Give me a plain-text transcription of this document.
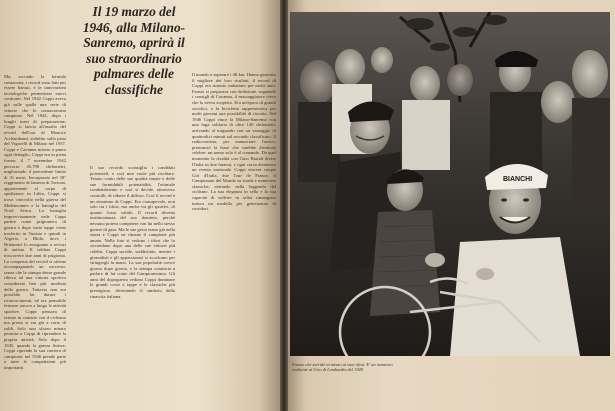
Il 19 marzo del 1946, alla Milano-Sanremo, aprirà il suo straordinario palmares delle classifiche
Ma, secondo la formula consacrata, i record sono fatti per essere battuti, e le innovazioni tecnologiche permettono nuovi confronti. Nel 1942 Coppi aveva già sulle spalle una serie di vittorie che lo consacravano campione. Nel 1942, dopo i lunghi mesi di preparazione, Coppi si lancia all'assalto del record dell'ora di Maurice Archambaud, stabilito sulla pista del Vigorelli di Milano nel 1937. Coppi e Cavanna misero a punto ogni dettaglio, Coppi era in piena forma: il 7 novembre 1942 percorse 45,798 chilometri, migliorando il precedente limite di 31 metri. Incorporato nel 38° reggimento di fanteria di Tortona, appartenente al corpo di spedizione in Libia, Coppi si trova coinvolto nella guerra del Mediterraneo e la battaglia del Nord Africa. La battaglia improvvisamente vede Coppi partire come prigioniero di guerra e dopo varie tappe viene trasferito in Tunisia e quindi in Algeria, a Blida, dove i Britannici lo assegnano a servizi di autista. Il soldato Coppi trascorrerà due anni di prigionia. La conquista del record si ottiene accompagnando un successo, senza che la stampa desse grande rilievo ad una vittoria sportiva considerata ben più modesta della guerra. Tuttavia non era possibile far durare i riconoscimenti, né era pensabile fermare ancora a lungo le attività sportive. Coppi pensava di restare in contatto con il ciclismo ma presto si era già a corto di soldi. Solo uno sforzo mirato permise a Coppi di riprendere la propria attività. Solo dopo il 1945, quando la guerra finisce, Coppi riprende la sua carriera di campione: nel 1946 prende parte a tutte le competizioni più importanti.
Il suo recordo sconsiglia i candidati potenziali, e così non vuole più rischiare. Tenuto conto delle sue qualità innate e delle sue formidabili potenzialità, l'ottimale combattimento e così si decide, attraverso controlli, di ridurre il diffuso. Così il record è un sinonimo di Coppi. Era consapevole, non solo tra i tifosi, ma anche tra gli sportivi, di quanto fosse valido. Il record diventa testimonianza del suo dominio, perché nessuno poteva competere con lui nello stesso genere di gara. Ma le sue gesta erano già nella storia e Coppi ne rimane il campione più amato. Nella foto si vedono i tifosi che lo circondano dopo una delle sue vittorie più celebri. Coppi sorride, soddisfatto, mentre i giornalisti e gli appassionati si accalcano per stringergli la mano. La sua popolarità cresce giorno dopo giorno, e la stampa comincia a parlare di lui come del Campionissimo. Gli anni del dopoguerra vedono Coppi dominare le grandi corse a tappe e le classiche più prestigiose, diventando il simbolo della rinascita italiana.
Il mondo a superare i 46 km. Hanno generato il migliore dei loro risultati, il record di Coppi era rimasto imbattuto per molti anni. Fausto si preparava con dedizione, seguendo i consigli di Cavanna, il massaggiatore cieco che lo aveva scoperto. Era un'epoca di grandi sacrifici, e la bicicletta rappresentava per molti giovani una possibilità di riscatto. Nel 1946 Coppi vince la Milano-Sanremo con una fuga solitaria di oltre 140 chilometri, arrivando al traguardo con un vantaggio di quattordici minuti sul secondo classificato. Il radiocronista, per annunciare l'arrivo, pronunciò la frase che sarebbe diventata celebre: un uomo solo è al comando. Da quel momento la rivalità con Gino Bartali divise l'Italia in due fazioni, e ogni corsa diventava un evento nazionale. Coppi vincerà cinque Giri d'Italia, due Tour de France, il Campionato del Mondo su strada e numerose classiche, entrando nella leggenda del ciclismo. La sua eleganza in sella e la sua capacità di soffrire in salita rimangono tuttora un modello per generazioni di corridori.
BIANCHI
Fausto che sorride in mezzo ai suoi tifosi. E' un momento esaltante al Giro di Lombardia del 1949
